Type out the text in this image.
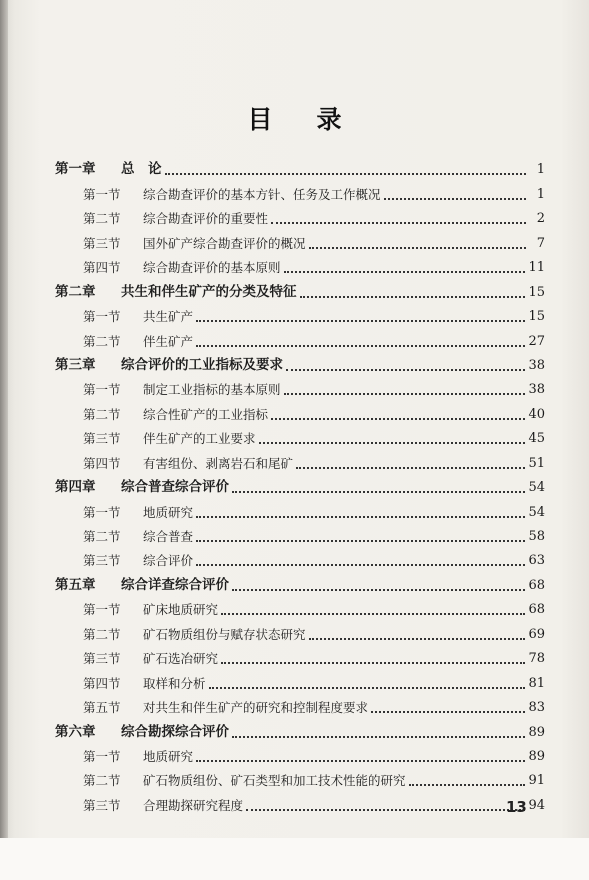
目录
第一章	总　论	1
第一节	综合勘查评价的基本方针、任务及工作概况	1
第二节	综合勘查评价的重要性	2
第三节	国外矿产综合勘查评价的概况	7
第四节	综合勘查评价的基本原则	11
第二章	共生和伴生矿产的分类及特征	15
第一节	共生矿产	15
第二节	伴生矿产	27
第三章	综合评价的工业指标及要求	38
第一节	制定工业指标的基本原则	38
第二节	综合性矿产的工业指标	40
第三节	伴生矿产的工业要求	45
第四节	有害组份、剥离岩石和尾矿	51
第四章	综合普查综合评价	54
第一节	地质研究	54
第二节	综合普查	58
第三节	综合评价	63
第五章	综合详查综合评价	68
第一节	矿床地质研究	68
第二节	矿石物质组份与赋存状态研究	69
第三节	矿石选冶研究	78
第四节	取样和分析	81
第五节	对共生和伴生矿产的研究和控制程度要求	83
第六章	综合勘探综合评价	89
第一节	地质研究	89
第二节	矿石物质组份、矿石类型和加工技术性能的研究	91
第三节	合理勘探研究程度	94
13
